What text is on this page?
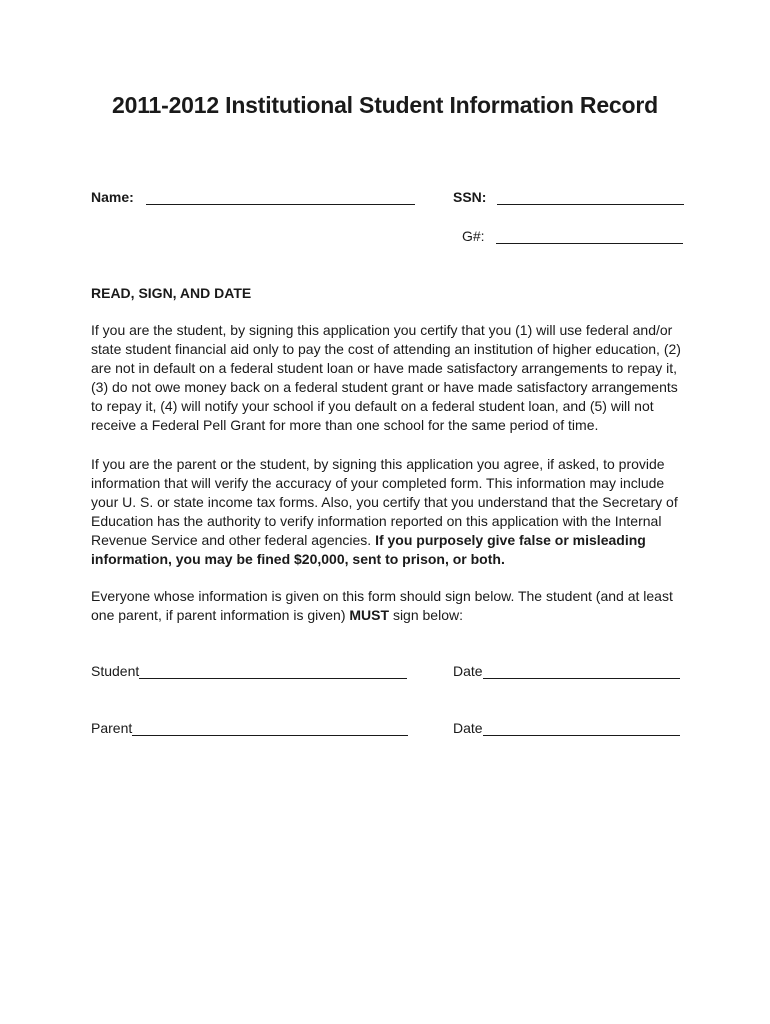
2011-2012 Institutional Student Information Record
Name:	SSN:
G#:
READ, SIGN, AND DATE
If you are the student, by signing this application you certify that you (1) will use federal and/or state student financial aid only to pay the cost of attending an institution of higher education, (2) are not in default on a federal student loan or have made satisfactory arrangements to repay it, (3) do not owe money back on a federal student grant or have made satisfactory arrangements to repay it, (4) will notify your school if you default on a federal student loan, and (5) will not receive a Federal Pell Grant for more than one school for the same period of time.
If you are the parent or the student, by signing this application you agree, if asked, to provide information that will verify the accuracy of your completed form. This information may include your U. S. or state income tax forms. Also, you certify that you understand that the Secretary of Education has the authority to verify information reported on this application with the Internal Revenue Service and other federal agencies. If you purposely give false or misleading information, you may be fined $20,000, sent to prison, or both.
Everyone whose information is given on this form should sign below. The student (and at least one parent, if parent information is given) MUST sign below:
Student	Date
Parent	Date
